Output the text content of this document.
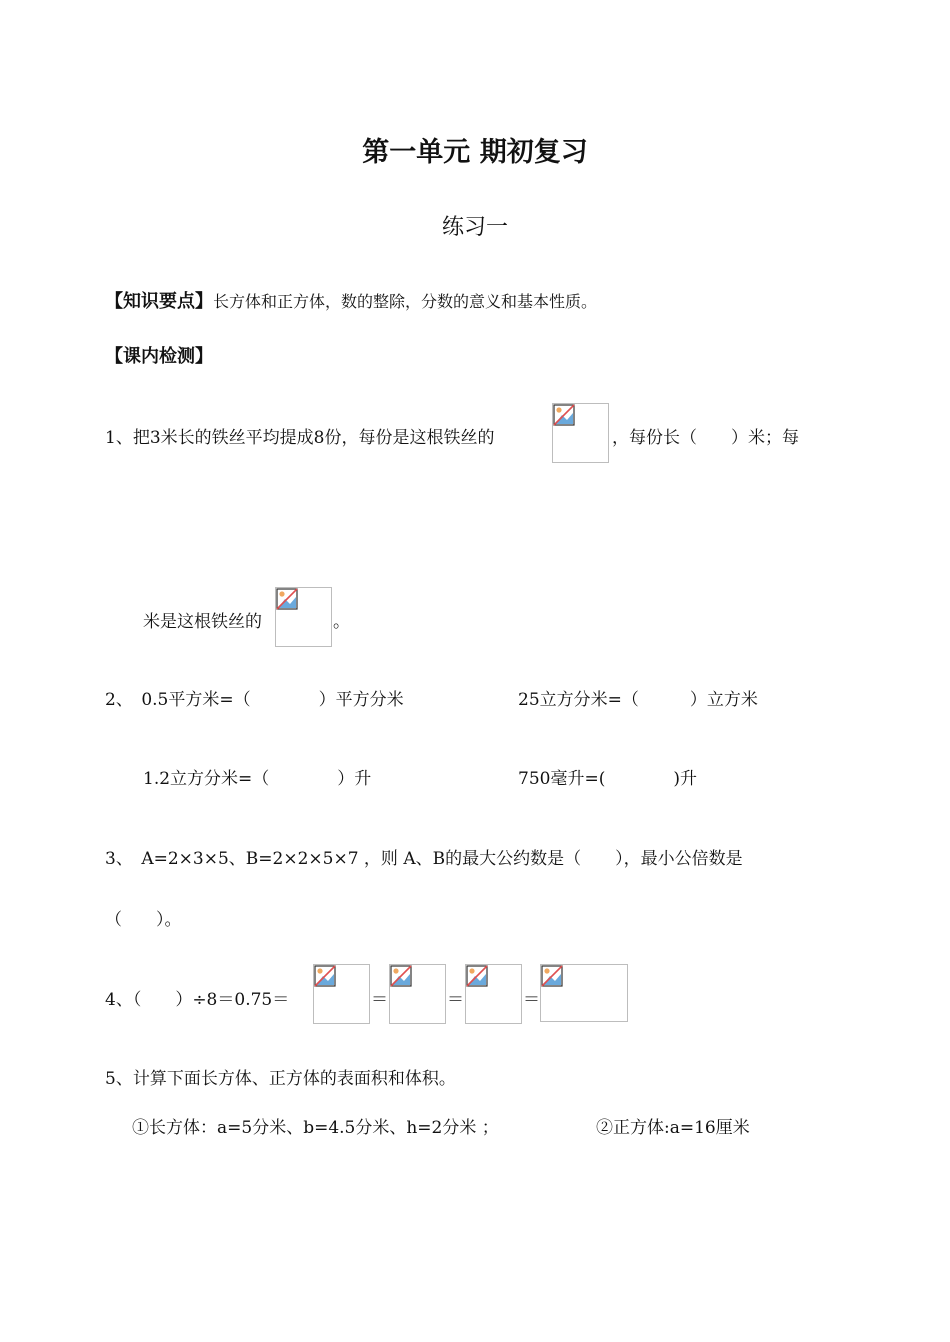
第一单元 期初复习
练习一
【知识要点】长方体和正方体，数的整除，分数的意义和基本性质。
【课内检测】
1、把3米长的铁丝平均提成8份，每份是这根铁丝的	，每份长（　　）米；每
米是这根铁丝的	。
2、　0.5平方米=（　　　　）平方分米	25立方分米=（　　　）立方米
1.2立方分米=（　　　　）升	750毫升=(　　　　)升
3、　A=2×3×5、B=2×2×5×7 ，则 A、B的最大公约数是（　　），最小公倍数是
（　　）。
4、（　　）÷8＝0.75＝	＝	＝	＝
5、计算下面长方体、正方体的表面积和体积。
①长方体：a=5分米、b=4.5分米、h=2分米 ；	②正方体:a=16厘米
